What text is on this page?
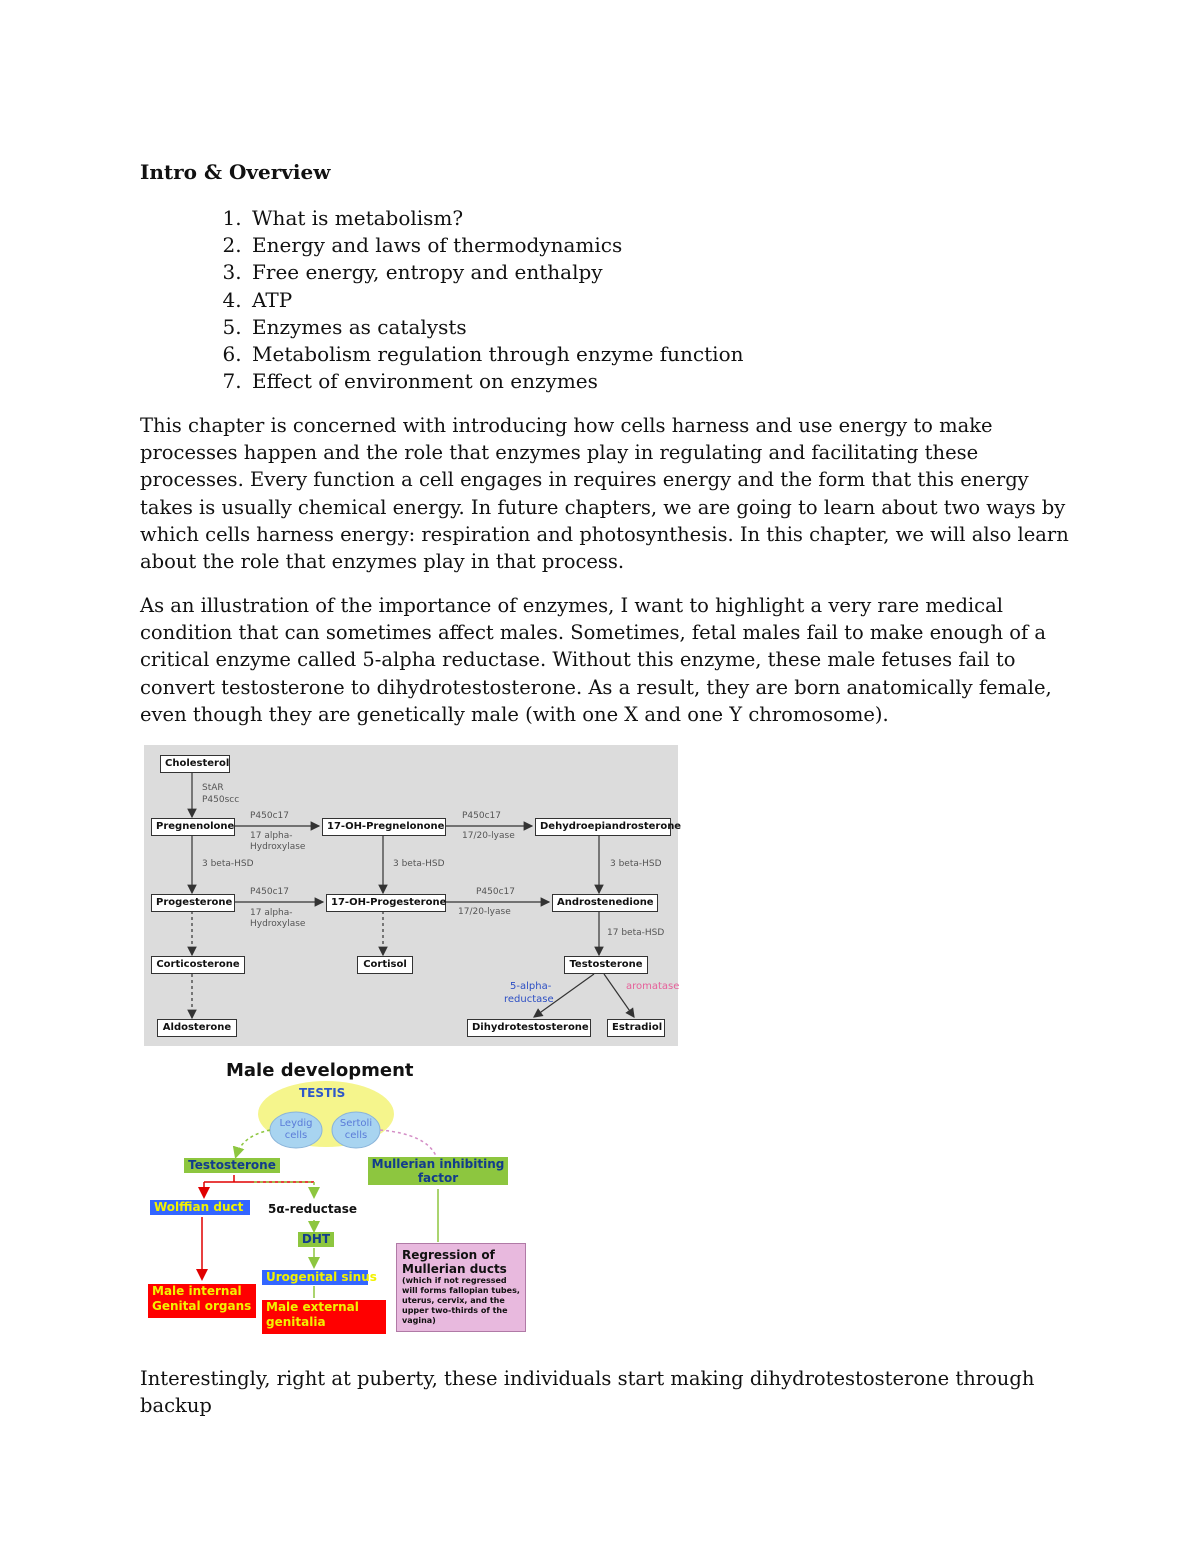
Intro & Overview
1. What is metabolism?
2. Energy and laws of thermodynamics
3. Free energy, entropy and enthalpy
4. ATP
5. Enzymes as catalysts
6. Metabolism regulation through enzyme function
7. Effect of environment on enzymes

This chapter is concerned with introducing how cells harness and use energy to make processes happen and the role that enzymes play in regulating and facilitating these processes. Every function a cell engages in requires energy and the form that this energy takes is usually chemical energy. In future chapters, we are going to learn about two ways by which cells harness energy: respiration and photosynthesis. In this chapter, we will also learn about the role that enzymes play in that process.

As an illustration of the importance of enzymes, I want to highlight a very rare medical condition that can sometimes affect males. Sometimes, fetal males fail to make enough of a critical enzyme called 5-alpha reductase. Without this enzyme, these male fetuses fail to convert testosterone to dihydrotestosterone. As a result, they are born anatomically female, even though they are genetically male (with one X and one Y chromosome).

Cholesterol
Pregnenolone	17-OH-Pregnelonone	Dehydroepiandrosterone
Progesterone	17-OH-Progesterone	Androstenedione
Corticosterone	Cortisol	Testosterone
Aldosterone	Dihydrotestosterone	Estradiol
StAR
P450scc
P450c17
17 alpha-
Hydroxylase
P450c17
17/20-lyase
3 beta-HSD	3 beta-HSD	3 beta-HSD
P450c17
17 alpha-
Hydroxylase
P450c17
17/20-lyase
17 beta-HSD
5-alpha-
reductase
aromatase
Male development
TESTIS
Leydig cells
Sertoli cells
Testosterone	Mullerian inhibiting factor
Wolffian duct	5α-reductase
DHT
Urogenital sinus
Male internal Genital organs	Male external genitalia
Regression of Mullerian ducts
(which if not regressed will forms fallopian tubes, uterus, cervix, and the upper two-thirds of the vagina)

Interestingly, right at puberty, these individuals start making dihydrotestosterone through backup
